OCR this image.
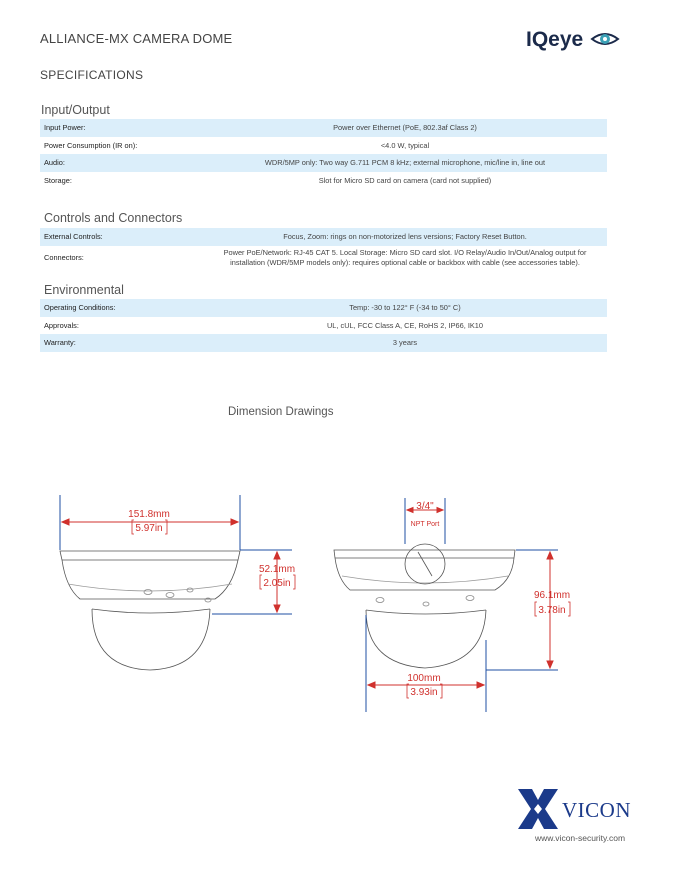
ALLIANCE-MX CAMERA DOME	IQeye
SPECIFICATIONS
Input/Output
Input Power:	Power over Ethernet (PoE, 802.3af Class 2)
Power Consumption (IR on):	<4.0 W, typical
Audio:	WDR/5MP only: Two way G.711 PCM 8 kHz; external microphone, mic/line in, line out
Storage:	Slot for Micro SD card on camera (card not supplied)
Controls and Connectors
External Controls:	Focus, Zoom: rings on non-motorized lens versions; Factory Reset Button.
Connectors:	Power PoE/Network: RJ-45 CAT 5. Local Storage: Micro SD card slot. I/O Relay/Audio In/Out/Analog output for installation (WDR/5MP models only): requires optional cable or backbox with cable (see accessories table).
Environmental
Operating Conditions:	Temp: -30 to 122° F (-34 to 50° C)
Approvals:	UL, cUL, FCC Class A, CE, RoHS 2, IP66, IK10
Warranty:	3 years
Dimension Drawings
151.8mm
5.97in
52.1mm
2.05in
3/4"
NPT Port
96.1mm
3.78in
100mm
3.93in
VICON
www.vicon-security.com
